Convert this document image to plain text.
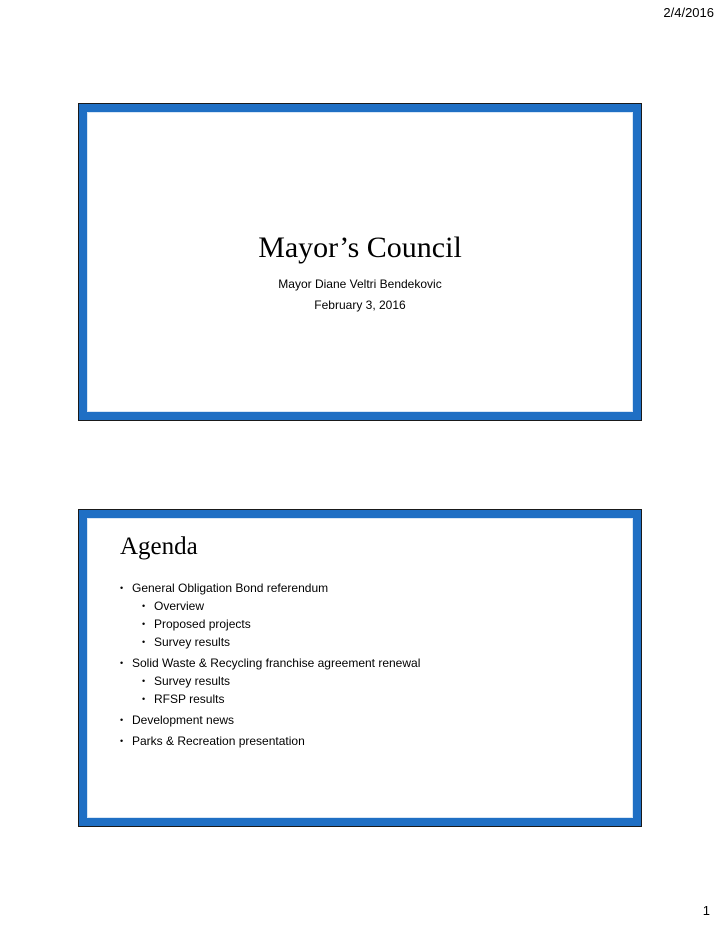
2/4/2016
Mayor’s Council
Mayor Diane Veltri Bendekovic
February 3, 2016
Agenda
• General Obligation Bond referendum
• Overview
• Proposed projects
• Survey results
• Solid Waste & Recycling franchise agreement renewal
• Survey results
• RFSP results
• Development news
• Parks & Recreation presentation
1
